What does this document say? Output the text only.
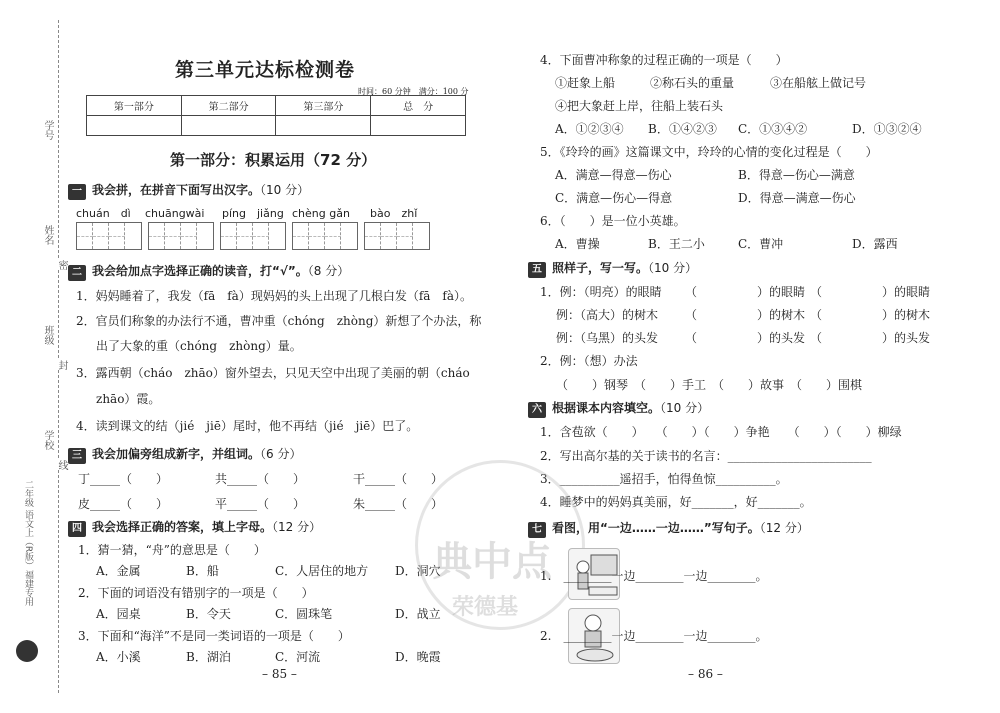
学号
姓名
班级
学校
密
封
线
二年级 语文上（R版）福建专用
第三单元达标检测卷
时间：60 分钟　满分：100 分
第一部分	第二部分	第三部分	总　分

第一部分：积累运用（72 分）
一 我会拼，在拼音下面写出汉字。（10 分）
chuán　dì chuāngwài píng　jiǎng chèng gǎn bào　zhǐ
二 我会给加点字选择正确的读音，打“√”。（8 分）
1．妈妈睡着了，我发（fā　fà）现妈妈的头上出现了几根白发（fā　fà）。
2．官员们称象的办法行不通，曹冲重（chóng　zhòng）新想了个办法，称
出了大象的重（chóng　zhòng）量。
3．露西朝（cháo　zhāo）窗外望去，只见天空中出现了美丽的朝（cháo
zhāo）霞。
4．读到课文的结（jié　jiē）尾时，他不再结（jié　jiē）巴了。
三 我会加偏旁组成新字，并组词。（6 分）
丁_____（　　）	共_____（　　）	干_____（　　）
皮_____（　　）	平_____（　　）	朱_____（　　）
四 我会选择正确的答案，填上字母。（12 分）
1．猜一猜，“舟”的意思是（　　）
A．金属	B．船	C．人居住的地方 D．洞穴
2．下面的词语没有错别字的一项是（　　）
A．园桌	B．令天	C．圆珠笔	D．战立
3．下面和“海洋”不是同一类词语的一项是（　　）
A．小溪	B．湖泊	C．河流	D．晚霞
– 85 –
4．下面曹冲称象的过程正确的一项是（　　）
①赶象上船	②称石头的重量	③在船舷上做记号
④把大象赶上岸，往船上装石头
A．①②③④ B．①④②③ C．①③④②	D．①③②④
5．《玲玲的画》这篇课文中，玲玲的心情的变化过程是（　　）
A．满意—得意—伤心	B．得意—伤心—满意
C．满意—伤心—得意	D．得意—满意—伤心
6．（　　）是一位小英雄。
A．曹操	B．王二小	C．曹冲	D．露西
五 照样子，写一写。（10 分）
1．例：（明亮）的眼睛 （　　　　　）的眼睛 （　　　　　）的眼睛
例：（高大）的树木 （　　　　　）的树木 （　　　　　）的树木
例：（乌黑）的头发 （　　　　　）的头发 （　　　　　）的头发
2．例：（想）办法
（　　）钢琴　（　　）手工　（　　）故事　（　　）围棋
六 根据课本内容填空。（10 分）
1．含苞欲（　　）　　（　　）（　　）争艳　　（　　）（　　）柳绿
2．写出高尔基的关于读书的名言：________________________
3．__________遥招手，怕得鱼惊__________。
4．睡梦中的妈妈真美丽，好_______，好_______。
典中点
荣德基
七 看图，用“一边……一边……”写句子。（12 分）
1.　________一边________一边________。
2.　________一边________一边________。
– 86 –
